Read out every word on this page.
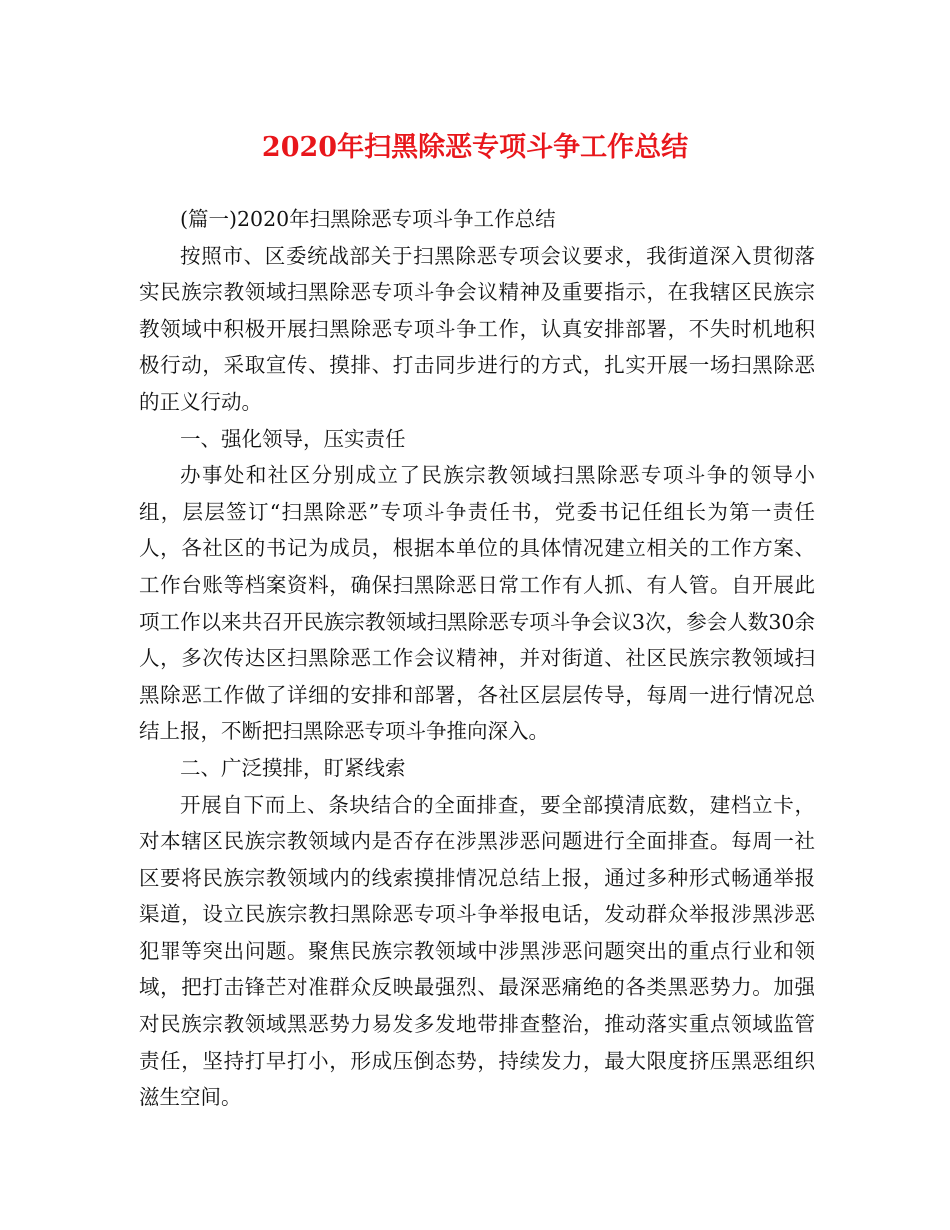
2020年扫黑除恶专项斗争工作总结

(篇一)2020年扫黑除恶专项斗争工作总结

按照市、区委统战部关于扫黑除恶专项会议要求，我街道深入贯彻落实民族宗教领域扫黑除恶专项斗争会议精神及重要指示，在我辖区民族宗教领域中积极开展扫黑除恶专项斗争工作，认真安排部署，不失时机地积极行动，采取宣传、摸排、打击同步进行的方式，扎实开展一场扫黑除恶的正义行动。

一、强化领导，压实责任

办事处和社区分别成立了民族宗教领域扫黑除恶专项斗争的领导小组，层层签订“扫黑除恶”专项斗争责任书，党委书记任组长为第一责任人，各社区的书记为成员，根据本单位的具体情况建立相关的工作方案、工作台账等档案资料，确保扫黑除恶日常工作有人抓、有人管。自开展此项工作以来共召开民族宗教领域扫黑除恶专项斗争会议3次，参会人数30余人，多次传达区扫黑除恶工作会议精神，并对街道、社区民族宗教领域扫黑除恶工作做了详细的安排和部署，各社区层层传导，每周一进行情况总结上报，不断把扫黑除恶专项斗争推向深入。

二、广泛摸排，盯紧线索

开展自下而上、条块结合的全面排查，要全部摸清底数，建档立卡，对本辖区民族宗教领域内是否存在涉黑涉恶问题进行全面排查。每周一社区要将民族宗教领域内的线索摸排情况总结上报，通过多种形式畅通举报渠道，设立民族宗教扫黑除恶专项斗争举报电话，发动群众举报涉黑涉恶犯罪等突出问题。聚焦民族宗教领域中涉黑涉恶问题突出的重点行业和领域，把打击锋芒对准群众反映最强烈、最深恶痛绝的各类黑恶势力。加强对民族宗教领域黑恶势力易发多发地带排查整治，推动落实重点领域监管责任，坚持打早打小，形成压倒态势，持续发力，最大限度挤压黑恶组织滋生空间。
